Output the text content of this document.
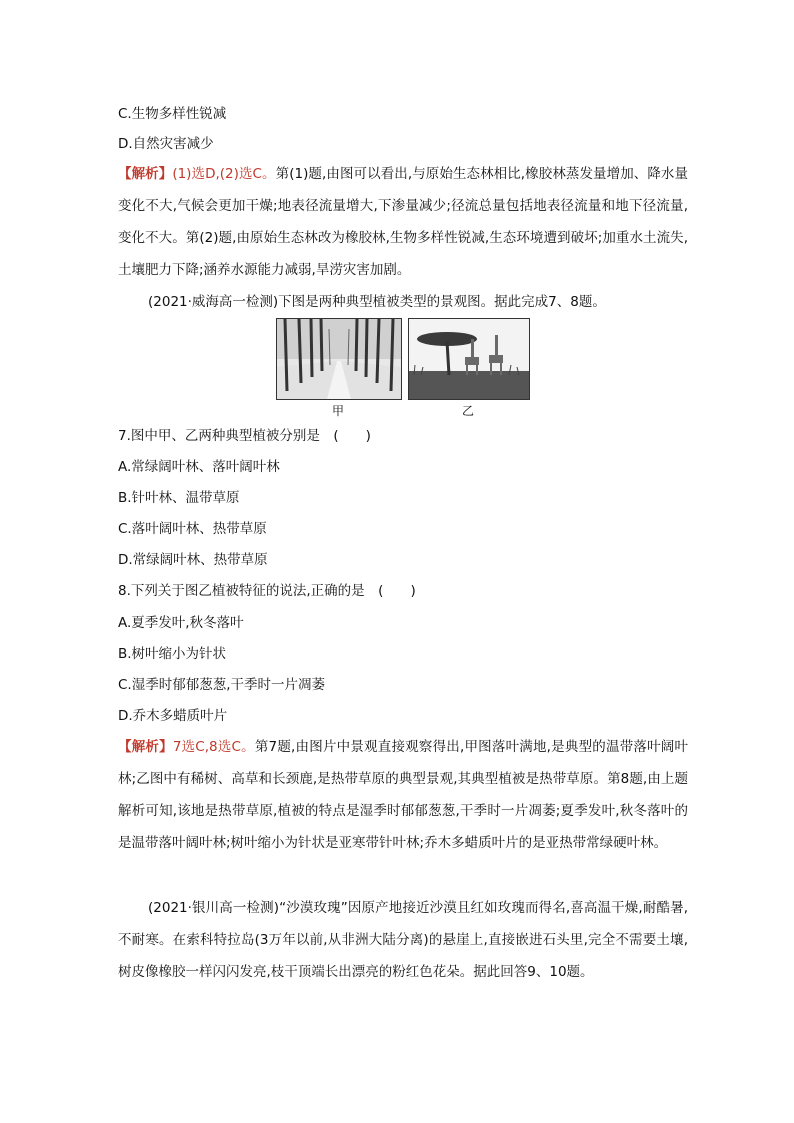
C.生物多样性锐减
D.自然灾害减少
【解析】(1)选D,(2)选C。第(1)题,由图可以看出,与原始生态林相比,橡胶林蒸发量增加、降水量变化不大,气候会更加干燥;地表径流量增大,下渗量减少;径流总量包括地表径流量和地下径流量,变化不大。第(2)题,由原始生态林改为橡胶林,生物多样性锐减,生态环境遭到破坏;加重水土流失,土壤肥力下降;涵养水源能力减弱,旱涝灾害加剧。
(2021·威海高一检测)下图是两种典型植被类型的景观图。据此完成7、8题。
甲	乙
7.图中甲、乙两种典型植被分别是　(　　)
A.常绿阔叶林、落叶阔叶林
B.针叶林、温带草原
C.落叶阔叶林、热带草原
D.常绿阔叶林、热带草原
8.下列关于图乙植被特征的说法,正确的是　(　　)
A.夏季发叶,秋冬落叶
B.树叶缩小为针状
C.湿季时郁郁葱葱,干季时一片凋萎
D.乔木多蜡质叶片
【解析】7选C,8选C。第7题,由图片中景观直接观察得出,甲图落叶满地,是典型的温带落叶阔叶林;乙图中有稀树、高草和长颈鹿,是热带草原的典型景观,其典型植被是热带草原。第8题,由上题解析可知,该地是热带草原,植被的特点是湿季时郁郁葱葱,干季时一片凋萎;夏季发叶,秋冬落叶的是温带落叶阔叶林;树叶缩小为针状是亚寒带针叶林;乔木多蜡质叶片的是亚热带常绿硬叶林。
(2021·银川高一检测)“沙漠玫瑰”因原产地接近沙漠且红如玫瑰而得名,喜高温干燥,耐酷暑,不耐寒。在索科特拉岛(3万年以前,从非洲大陆分离)的悬崖上,直接嵌进石头里,完全不需要土壤,树皮像橡胶一样闪闪发亮,枝干顶端长出漂亮的粉红色花朵。据此回答9、10题。
